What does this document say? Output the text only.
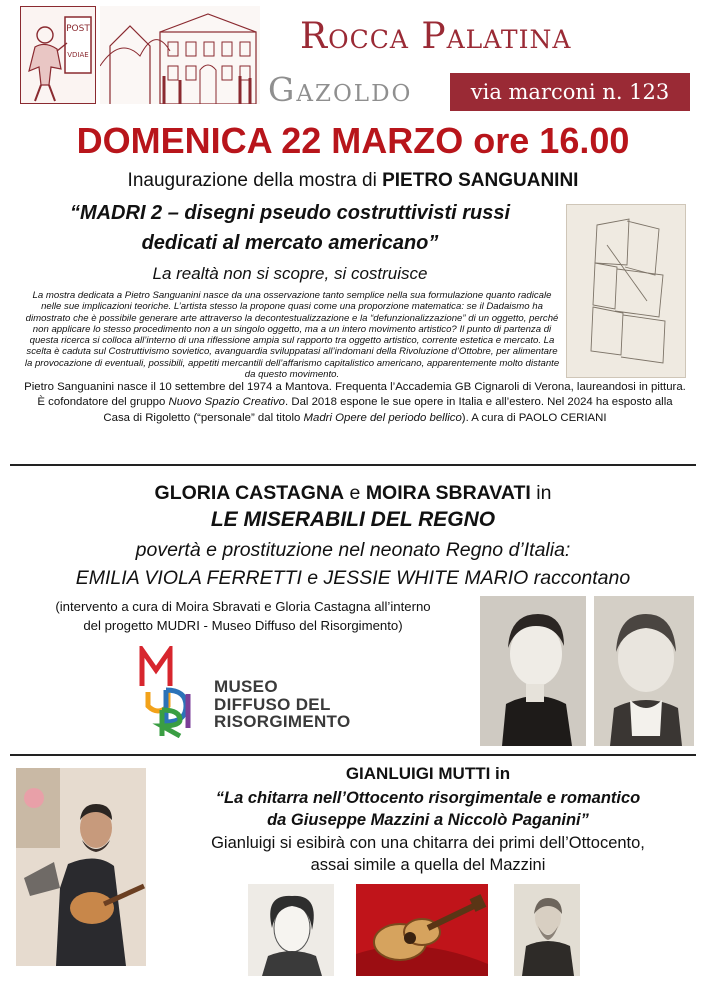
POST
VDIAE	Rocca Palatina
Gazoldo	via marconi n. 123
DOMENICA 22 MARZO ore 16.00
Inaugurazione della mostra di PIETRO SANGUANINI
“MADRI 2 – disegni pseudo costruttivisti russi
dedicati al mercato americano”
La realtà non si scopre, si costruisce
La mostra dedicata a Pietro Sanguanini nasce da una osservazione tanto semplice nella sua formulazione quanto radicale nelle sue implicazioni teoriche. L’artista stesso la propone quasi come una proporzione matematica: se il Dadaismo ha dimostrato che è possibile generare arte attraverso la decontestualizzazione e la “defunzionalizzazione” di un oggetto, perché non applicare lo stesso procedimento non a un singolo oggetto, ma a un intero movimento artistico? Il punto di partenza di questa ricerca si colloca all’interno di una riflessione ampia sul rapporto tra oggetto artistico, corrente estetica e mercato. La scelta è caduta sul Costruttivismo sovietico, avanguardia sviluppatasi all’indomani della Rivoluzione d’Ottobre, per alimentare la provocazione di eventuali, possibili, appetiti mercantili dell’affarismo capitalistico americano, apparentemente molto distante da questo movimento.
Pietro Sanguanini nasce il 10 settembre del 1974 a Mantova. Frequenta l’Accademia GB Cignaroli di Verona, laureandosi in pittura. È cofondatore del gruppo Nuovo Spazio Creativo. Dal 2018 espone le sue opere in Italia e all’estero. Nel 2024 ha esposto alla Casa di Rigoletto (“personale” dal titolo Madri Opere del periodo bellico). A cura di PAOLO CERIANI
GLORIA CASTAGNA e MOIRA SBRAVATI in
LE MISERABILI DEL REGNO
povertà e prostituzione nel neonato Regno d’Italia:
EMILIA VIOLA FERRETTI e JESSIE WHITE MARIO raccontano
(intervento a cura di Moira Sbravati e Gloria Castagna all’interno
del progetto MUDRI - Museo Diffuso del Risorgimento)
MUSEO
DIFFUSO DEL
RISORGIMENTO
GIANLUIGI MUTTI in
“La chitarra nell’Ottocento risorgimentale e romantico
da Giuseppe Mazzini a Niccolò Paganini”
Gianluigi si esibirà con una chitarra dei primi dell’Ottocento,
assai simile a quella del Mazzini
